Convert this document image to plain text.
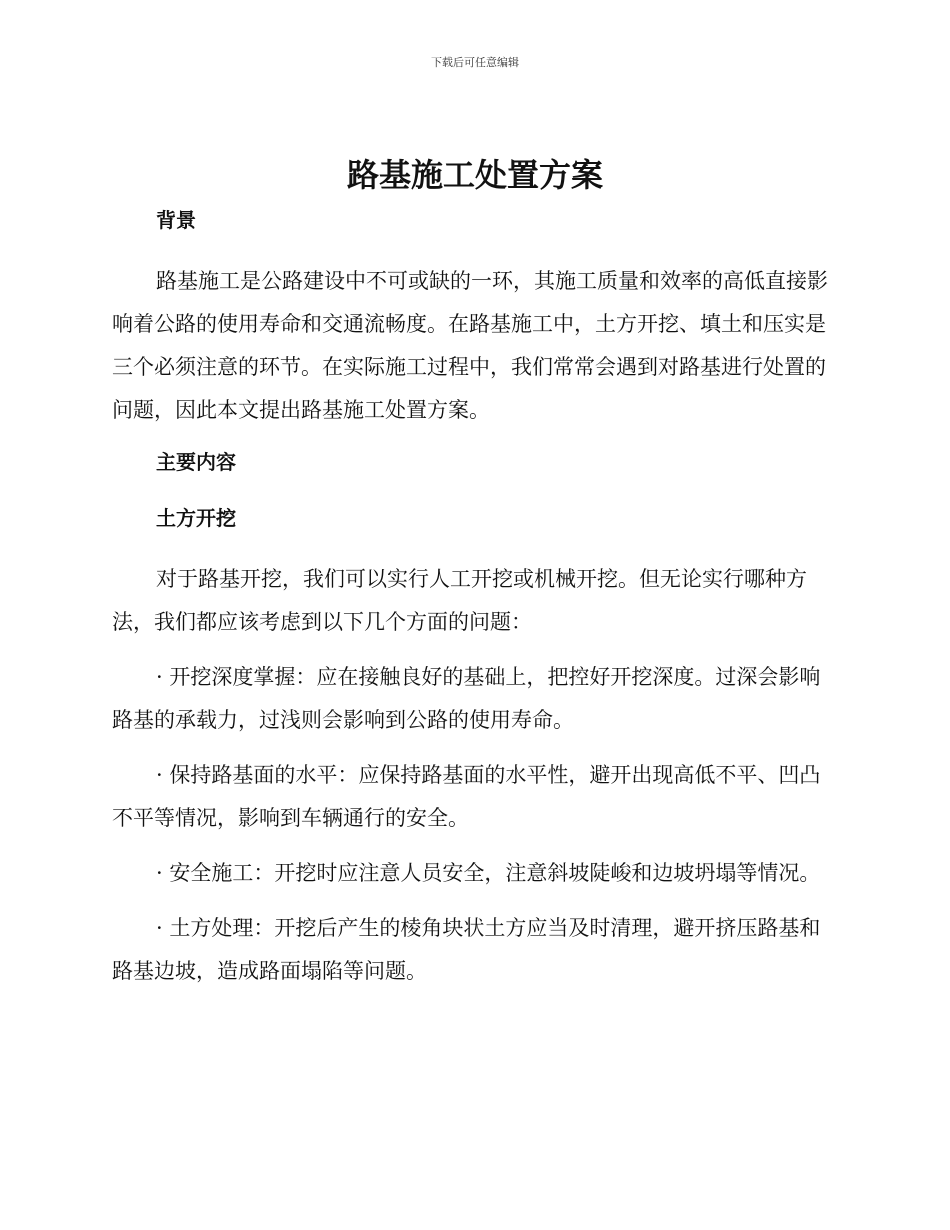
下载后可任意编辑
路基施工处置方案

背景

路基施工是公路建设中不可或缺的一环，其施工质量和效率的高低直接影响着公路的使用寿命和交通流畅度。在路基施工中，土方开挖、填土和压实是三个必须注意的环节。在实际施工过程中，我们常常会遇到对路基进行处置的问题，因此本文提出路基施工处置方案。

主要内容

土方开挖

对于路基开挖，我们可以实行人工开挖或机械开挖。但无论实行哪种方法，我们都应该考虑到以下几个方面的问题：

· 开挖深度掌握：应在接触良好的基础上，把控好开挖深度。过深会影响路基的承载力，过浅则会影响到公路的使用寿命。

· 保持路基面的水平：应保持路基面的水平性，避开出现高低不平、凹凸不平等情况，影响到车辆通行的安全。

· 安全施工：开挖时应注意人员安全，注意斜坡陡峻和边坡坍塌等情况。

· 土方处理：开挖后产生的棱角块状土方应当及时清理，避开挤压路基和路基边坡，造成路面塌陷等问题。
